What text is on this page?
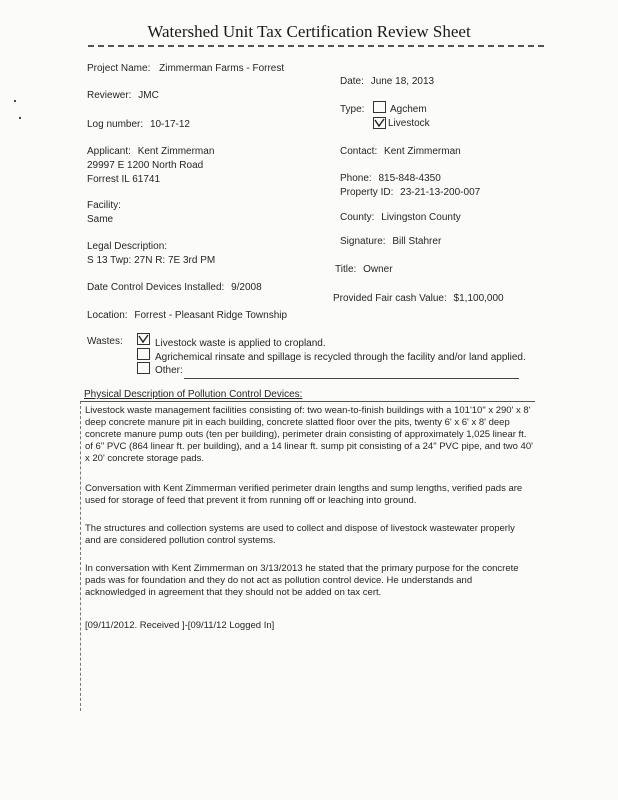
Watershed Unit Tax Certification Review Sheet
Project Name: Zimmerman Farms - Forrest
Reviewer: JMC
Log number: 10-17-12
Applicant: Kent Zimmerman
29997 E 1200 North Road
Forrest IL 61741
Facility:
Same
Legal Description:
S 13 Twp: 27N R: 7E 3rd PM
Date Control Devices Installed: 9/2008
Location: Forrest - Pleasant Ridge Township
Date: June 18, 2013
Type:	Agchem
Livestock
Contact: Kent Zimmerman
Phone: 815-848-4350
Property ID: 23-21-13-200-007
County: Livingston County
Signature: Bill Stahrer
Title: Owner
Provided Fair cash Value: $1,100,000
Wastes:	Livestock waste is applied to cropland.
Agrichemical rinsate and spillage is recycled through the facility and/or land applied.
Other:
Physical Description of Pollution Control Devices:
Livestock waste management facilities consisting of: two wean-to-finish buildings with a 101'10" x 290' x 8' deep concrete manure pit in each building, concrete slatted floor over the pits, twenty 6' x 6' x 8' deep concrete manure pump outs (ten per building), perimeter drain consisting of approximately 1,025 linear ft. of 6" PVC (864 linear ft. per building), and a 14 linear ft. sump pit consisting of a 24" PVC pipe, and two 40' x 20' concrete storage pads.
Conversation with Kent Zimmerman verified perimeter drain lengths and sump lengths, verified pads are used for storage of feed that prevent it from running off or leaching into ground.
The structures and collection systems are used to collect and dispose of livestock wastewater properly and are considered pollution control systems.
In conversation with Kent Zimmerman on 3/13/2013 he stated that the primary purpose for the concrete pads was for foundation and they do not act as pollution control device. He understands and acknowledged in agreement that they should not be added on tax cert.
[09/11/2012. Received ]-[09/11/12 Logged In]
